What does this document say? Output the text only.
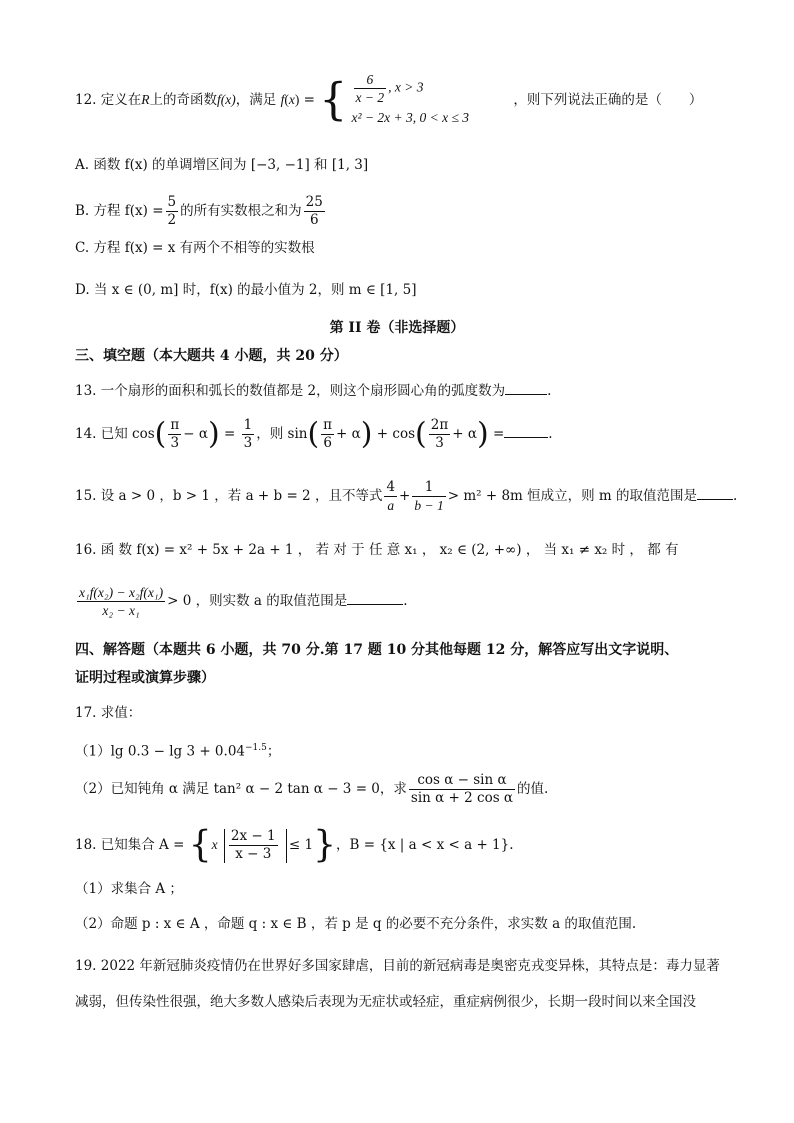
12. 定义在R上的奇函数f(x)，满足 f(x) = { $\frac{6}{x - 2}$ , x > 3
x² − 2x + 3, 0 < x ≤ 3
，则下列说法正确的是（　　）
A. 函数 f(x) 的单调增区间为 [−3, −1] 和 [1, 3]
B. 方程 $f(x) = \frac{5}{2}$ 的所有实数根之和为 $\frac{25}{6}$
C. 方程 f(x) = x 有两个不相等的实数根
D. 当 x ∈ (0, m] 时，f(x) 的最小值为 2，则 m ∈ [1, 5]
第 II 卷（非选择题）
三、填空题（本大题共 4 小题，共 20 分）
13. 一个扇形的面积和弧长的数值都是 2，则这个扇形圆心角的弧度数为	.
14. 已知 $\cos( \frac{\pi}{3} - \alpha) = \frac{1}{3}$ ，则 $\sin( \frac{\pi}{6} + \alpha) + \cos( \frac{2\pi}{3} + \alpha)$ =	.
15. 设 a > 0 ，b > 1 ，若 a + b = 2 ，且不等式 $\frac{4}{a} + \frac{1}{b - 1} > m^2 + 8m$ 恒成立，则 m 的取值范围是	.
16. 函 数 f(x) = x² + 5x + 2a + 1 ， 若 对 于 任 意 x₁ ， x₂ ∈ (2, +∞) ， 当 x₁ ≠ x₂ 时 ， 都 有
$\frac{\text{x₁f(x₂) − x₂f(x₁)}}{\text{x₂ − x₁}} > 0$ ，则实数 a 的取值范围是	.
四、解答题（本题共 6 小题，共 70 分.第 17 题 10 分其他每题 12 分，解答应写出文字说明、
证明过程或演算步骤）
17. 求值：
（1）lg $0.3 - \lg 3 + 0.04^{-1.5}$；
（2）已知钝角 α 满足 tan² α − 2 tan α − 3 = 0，求 $\frac{\text{cos α − sin α}}{\text{sin α + 2 cos α}}$ 的值.
18. 已知集合 $A = \{x \frac{2x - 1}{x - 3} \le 1\}$，B = {x | a < x < a + 1}.
（1）求集合 A ；
（2）命题 p : x ∈ A ，命题 q : x ∈ B ，若 p 是 q 的必要不充分条件，求实数 a 的取值范围.
19. 2022 年新冠肺炎疫情仍在世界好多国家肆虐，目前的新冠病毒是奥密克戎变异株，其特点是：毒力显著减弱，但传染性很强，绝大多数人感染后表现为无症状或轻症，重症病例很少，长期一段时间以来全国没
